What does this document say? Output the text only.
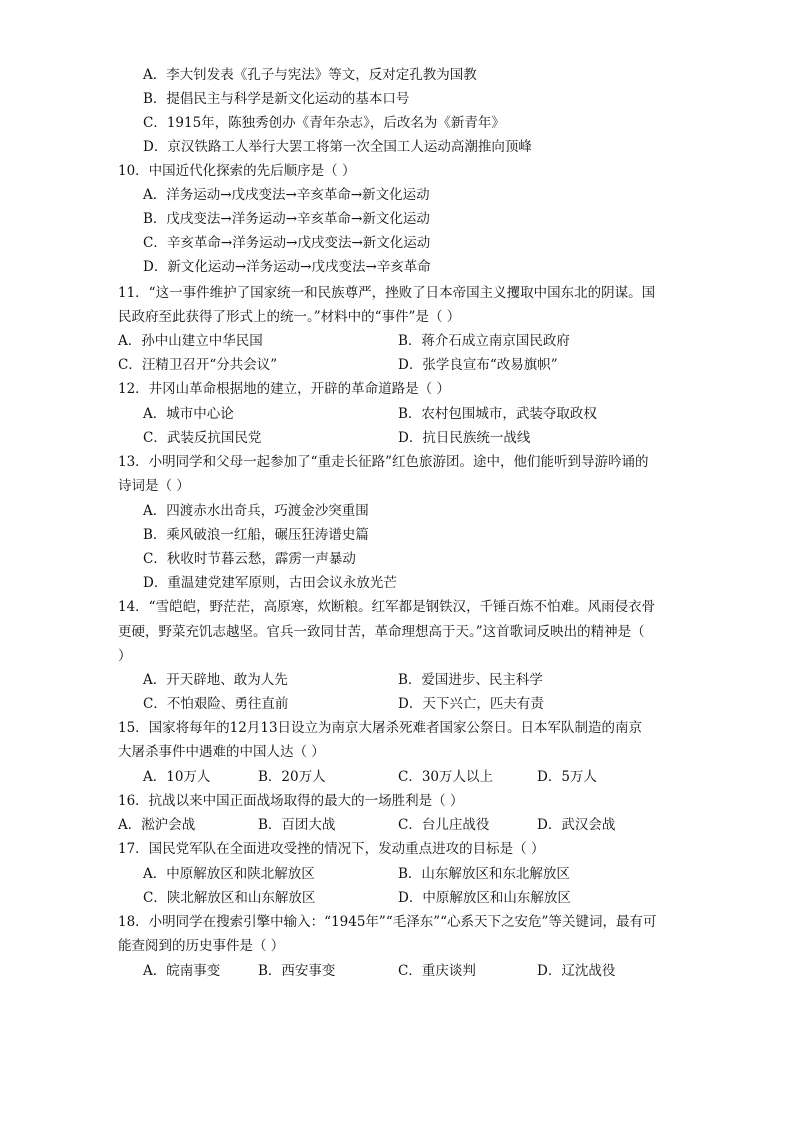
A．李大钊发表《孔子与宪法》等文，反对定孔教为国教
B．提倡民主与科学是新文化运动的基本口号
C．1915年，陈独秀创办《青年杂志》，后改名为《新青年》
D．京汉铁路工人举行大罢工将第一次全国工人运动高潮推向顶峰
10．中国近代化探索的先后顺序是（ ）
A．洋务运动→戊戌变法→辛亥革命→新文化运动
B．戊戌变法→洋务运动→辛亥革命→新文化运动
C．辛亥革命→洋务运动→戊戌变法→新文化运动
D．新文化运动→洋务运动→戊戌变法→辛亥革命
11．“这一事件维护了国家统一和民族尊严，挫败了日本帝国主义攫取中国东北的阴谋。国
民政府至此获得了形式上的统一。”材料中的“事件”是（ ）
A．孙中山建立中华民国	B．蒋介石成立南京国民政府
C．汪精卫召开“分共会议”	D．张学良宣布“改易旗帜”
12．井冈山革命根据地的建立，开辟的革命道路是（ ）
A．城市中心论	B．农村包围城市，武装夺取政权
C．武装反抗国民党	D．抗日民族统一战线
13．小明同学和父母一起参加了“重走长征路”红色旅游团。途中，他们能听到导游吟诵的
诗词是（ ）
A．四渡赤水出奇兵，巧渡金沙突重围
B．乘风破浪一红船，碾压狂涛谱史篇
C．秋收时节暮云愁，霹雳一声暴动
D．重温建党建军原则，古田会议永放光芒
14．“雪皑皑，野茫茫，高原寒，炊断粮。红军都是钢铁汉，千锤百炼不怕难。风雨侵衣骨
更硬，野菜充饥志越坚。官兵一致同甘苦，革命理想高于天。”这首歌词反映出的精神是（
）
A．开天辟地、敢为人先	B．爱国进步、民主科学
C．不怕艰险、勇往直前	D．天下兴亡，匹夫有责
15．国家将每年的12月13日设立为南京大屠杀死难者国家公祭日。日本军队制造的南京
大屠杀事件中遇难的中国人达（ ）
A．10万人	B．20万人	C．30万人以上	D．5万人
16．抗战以来中国正面战场取得的最大的一场胜利是（ ）
A．淞沪会战	B．百团大战	C．台儿庄战役	D．武汉会战
17．国民党军队在全面进攻受挫的情况下，发动重点进攻的目标是（ ）
A．中原解放区和陕北解放区	B．山东解放区和东北解放区
C．陕北解放区和山东解放区	D．中原解放区和山东解放区
18．小明同学在搜索引擎中输入：“1945年”“毛泽东”“心系天下之安危”等关键词，最有可
能查阅到的历史事件是（ ）
A．皖南事变	B．西安事变	C．重庆谈判	D．辽沈战役
